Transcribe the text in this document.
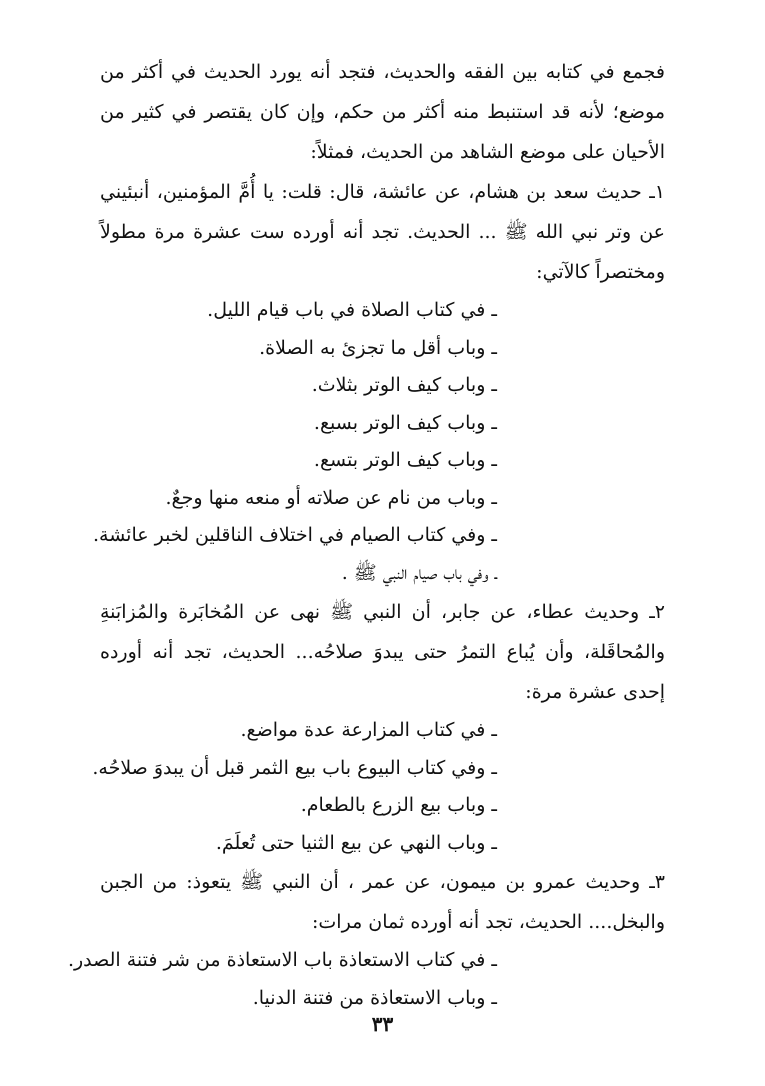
فجمع في كتابه بين الفقه والحديث، فتجد أنه يورد الحديث في أكثر من موضع؛ لأنه قد استنبط منه أكثر من حكم، وإن كان يقتصر في كثير من الأحيان على موضع الشاهد من الحديث، فمثلاً:

١ـ حديث سعد بن هشام، عن عائشة، قال: قلت: يا أُمَّ المؤمنين، أنبئيني عن وتر نبي الله ﷺ ... الحديث. تجد أنه أورده ست عشرة مرة مطولاً ومختصراً كالآتي:

ـ في كتاب الصلاة في باب قيام الليل.

ـ وباب أقل ما تجزئ به الصلاة.

ـ وباب كيف الوتر بثلاث.

ـ وباب كيف الوتر بسبع.

ـ وباب كيف الوتر بتسع.

ـ وباب من نام عن صلاته أو منعه منها وجعٌ.

ـ وفي كتاب الصيام في اختلاف الناقلين لخبر عائشة.

ـ وفي باب صيام النبي ﷺ .

٢ـ وحديث عطاء، عن جابر، أن النبي ﷺ نهى عن المُخابَرة والمُزابَنةِ والمُحاقَلة، وأن يُباع التمرُ حتى يبدوَ صلاحُه... الحديث، تجد أنه أورده إحدى عشرة مرة:

ـ في كتاب المزارعة عدة مواضع.

ـ وفي كتاب البيوع باب بيع الثمر قبل أن يبدوَ صلاحُه.

ـ وباب بيع الزرع بالطعام.

ـ وباب النهي عن بيع الثنيا حتى تُعلَمَ.

٣ـ وحديث عمرو بن ميمون، عن عمر ، أن النبي ﷺ يتعوذ: من الجبن والبخل.... الحديث، تجد أنه أورده ثمان مرات:

ـ في كتاب الاستعاذة باب الاستعاذة من شر فتنة الصدر.

ـ وباب الاستعاذة من فتنة الدنيا.

٣٣
